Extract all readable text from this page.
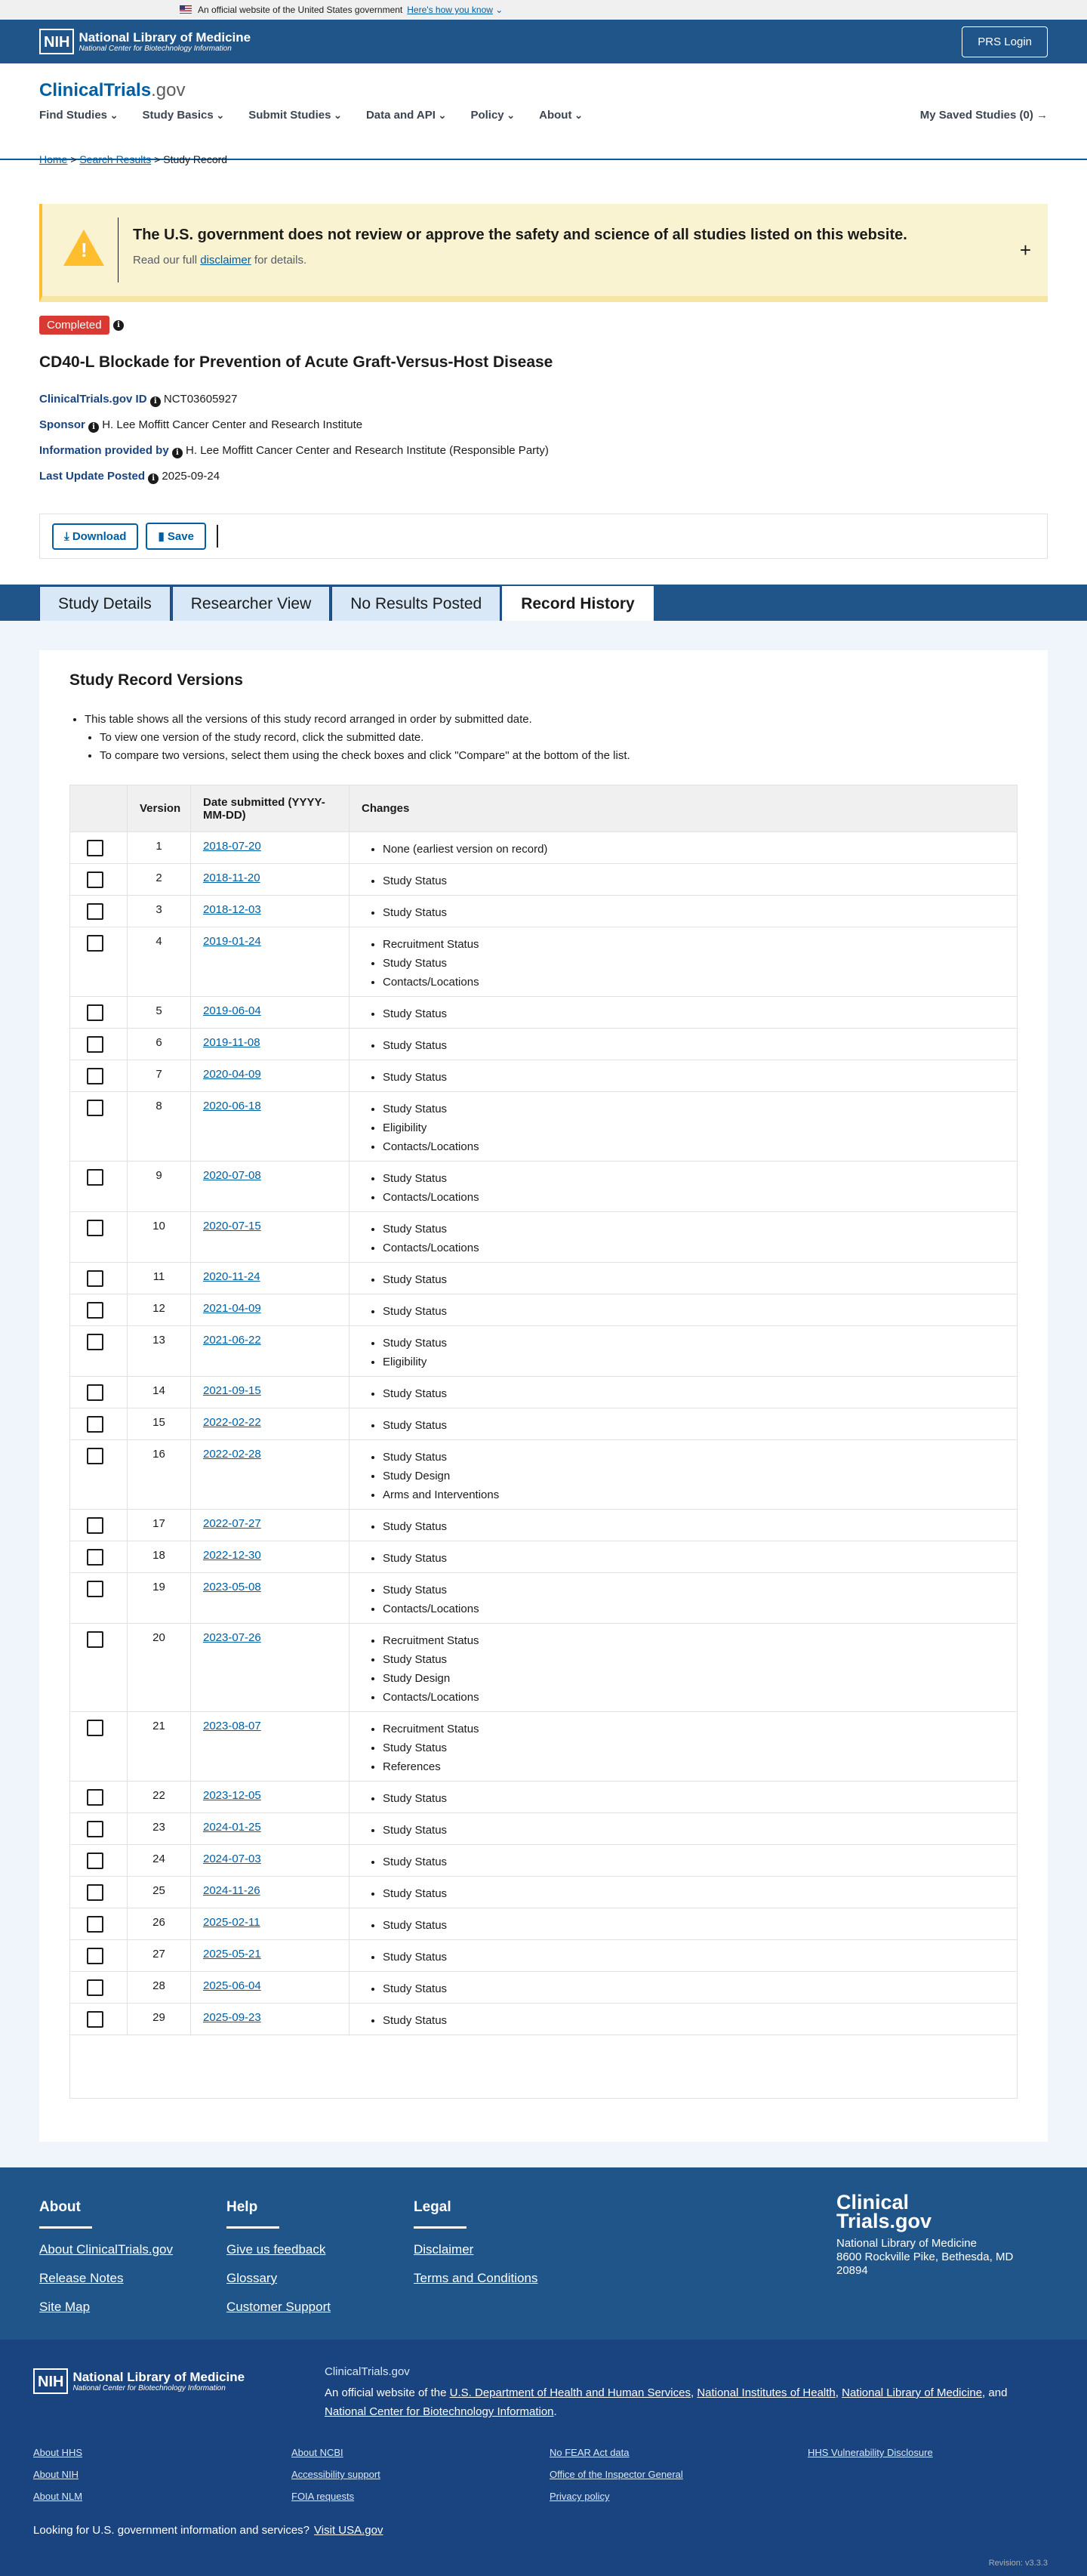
An official website of the United States government Here's how you know ⌄
NIH National Library of Medicine
National Center for Biotechnology Information
PRS Login
ClinicalTrials.gov
Find Studies ⌄	Study Basics ⌄	Submit Studies ⌄	Data and API ⌄	Policy ⌄	About ⌄	My Saved Studies (0) →
Home > Search Results > Study Record
!
The U.S. government does not review or approve the safety and science of all studies listed on this website.
Read our full disclaimer for details.	+
Completed	i
CD40-L Blockade for Prevention of Acute Graft-Versus-Host Disease
ClinicalTrials.gov ID i NCT03605927
Sponsor i H. Lee Moffitt Cancer Center and Research Institute
Information provided by i H. Lee Moffitt Cancer Center and Research Institute (Responsible Party)
Last Update Posted i 2025-09-24
⤓ Download	▮ Save
Study Details	Researcher View	No Results Posted	Record History
Study Record Versions
• This table shows all the versions of this study record arranged in order by submitted date.
• To view one version of the study record, click the submitted date.
• To compare two versions, select them using the check boxes and click "Compare" at the bottom of the list.
Version	Date submitted (YYYY-MM-DD)	Changes
1	2018-07-20	• None (earliest version on record)
2	2018-11-20	• Study Status
3	2018-12-03	• Study Status
4	2019-01-24	• Recruitment Status
• Study Status
• Contacts/Locations
5	2019-06-04	• Study Status
6	2019-11-08	• Study Status
7	2020-04-09	• Study Status
8	2020-06-18	• Study Status
• Eligibility
• Contacts/Locations
9	2020-07-08	• Study Status
• Contacts/Locations
10	2020-07-15	• Study Status
• Contacts/Locations
11	2020-11-24	• Study Status
12	2021-04-09	• Study Status
13	2021-06-22	• Study Status
• Eligibility
14	2021-09-15	• Study Status
15	2022-02-22	• Study Status
16	2022-02-28	• Study Status
• Study Design
• Arms and Interventions
17	2022-07-27	• Study Status
18	2022-12-30	• Study Status
19	2023-05-08	• Study Status
• Contacts/Locations
20	2023-07-26	• Recruitment Status
• Study Status
• Study Design
• Contacts/Locations
21	2023-08-07	• Recruitment Status
• Study Status
• References
22	2023-12-05	• Study Status
23	2024-01-25	• Study Status
24	2024-07-03	• Study Status
25	2024-11-26	• Study Status
26	2025-02-11	• Study Status
27	2025-05-21	• Study Status
28	2025-06-04	• Study Status
29	2025-09-23	• Study Status
About
About ClinicalTrials.gov
Release Notes
Site Map
Help
Give us feedback
Glossary
Customer Support
Legal
Disclaimer
Terms and Conditions
Clinical
Trials.gov
National Library of Medicine
8600 Rockville Pike, Bethesda, MD
20894
NIH National Library of Medicine
National Center for Biotechnology Information
ClinicalTrials.gov
An official website of the U.S. Department of Health and Human Services, National Institutes of Health, National Library of Medicine, and National Center for Biotechnology Information.
About HHS
About NIH
About NLM
About NCBI
Accessibility support
FOIA requests
No FEAR Act data
Office of the Inspector General
Privacy policy
HHS Vulnerability Disclosure
Looking for U.S. government information and services? Visit USA.gov
Revision: v3.3.3
